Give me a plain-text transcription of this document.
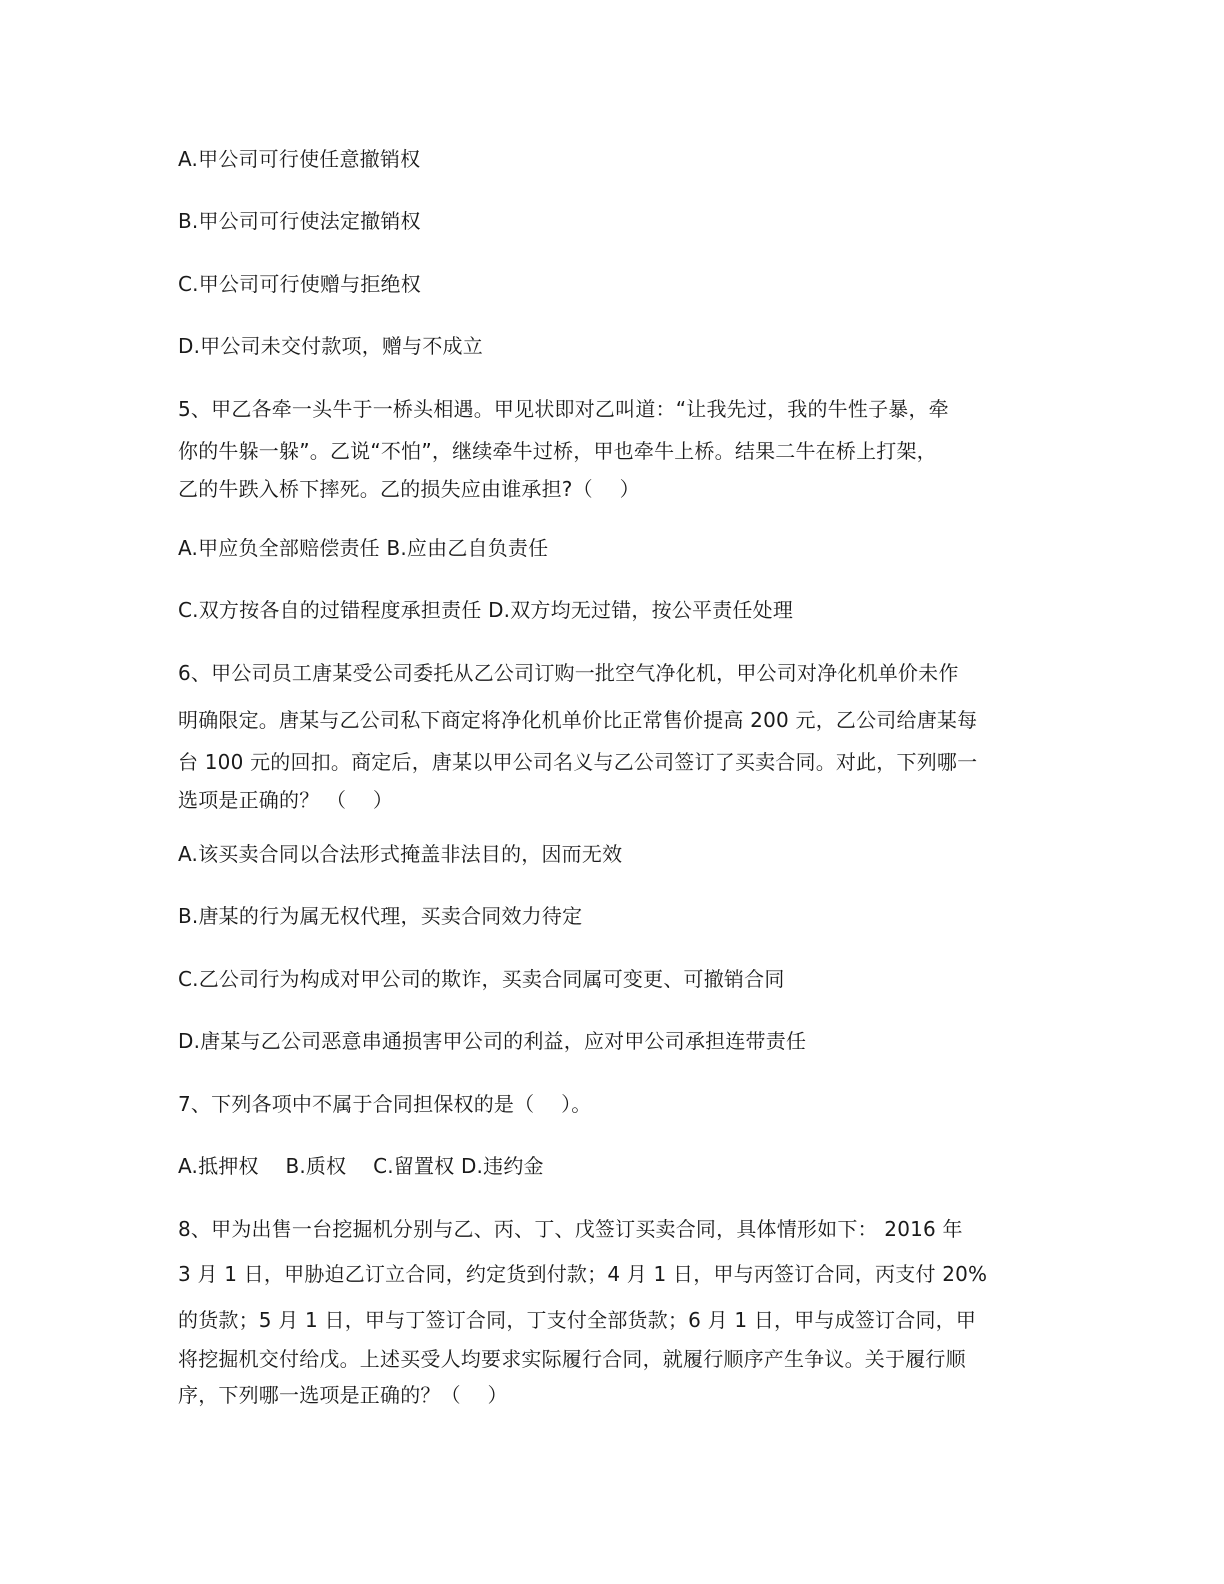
A.甲公司可行使任意撤销权
B.甲公司可行使法定撤销权
C.甲公司可行使赠与拒绝权
D.甲公司未交付款项，赠与不成立
5、甲乙各牵一头牛于一桥头相遇。甲见状即对乙叫道：“让我先过，我的牛性子暴，牵
你的牛躲一躲”。乙说“不怕”，继续牵牛过桥，甲也牵牛上桥。结果二牛在桥上打架，
乙的牛跌入桥下摔死。乙的损失应由谁承担?（　 ）
A.甲应负全部赔偿责任 B.应由乙自负责任
C.双方按各自的过错程度承担责任 D.双方均无过错，按公平责任处理
6、甲公司员工唐某受公司委托从乙公司订购一批空气净化机，甲公司对净化机单价未作
明确限定。唐某与乙公司私下商定将净化机单价比正常售价提高 200 元，乙公司给唐某每
台 100 元的回扣。商定后，唐某以甲公司名义与乙公司签订了买卖合同。对此，下列哪一
选项是正确的？ （　 ）
A.该买卖合同以合法形式掩盖非法目的，因而无效
B.唐某的行为属无权代理，买卖合同效力待定
C.乙公司行为构成对甲公司的欺诈，买卖合同属可变更、可撤销合同
D.唐某与乙公司恶意串通损害甲公司的利益，应对甲公司承担连带责任
7、下列各项中不属于合同担保权的是（　 ）。
A.抵押权　 B.质权　 C.留置权 D.违约金
8、甲为出售一台挖掘机分别与乙、丙、丁、戊签订买卖合同，具体情形如下： 2016 年
3 月 1 日，甲胁迫乙订立合同，约定货到付款；4 月 1 日，甲与丙签订合同，丙支付 20%
的货款；5 月 1 日，甲与丁签订合同，丁支付全部货款；6 月 1 日，甲与成签订合同，甲
将挖掘机交付给戊。上述买受人均要求实际履行合同，就履行顺序产生争议。关于履行顺
序，下列哪一选项是正确的？（　 ）
